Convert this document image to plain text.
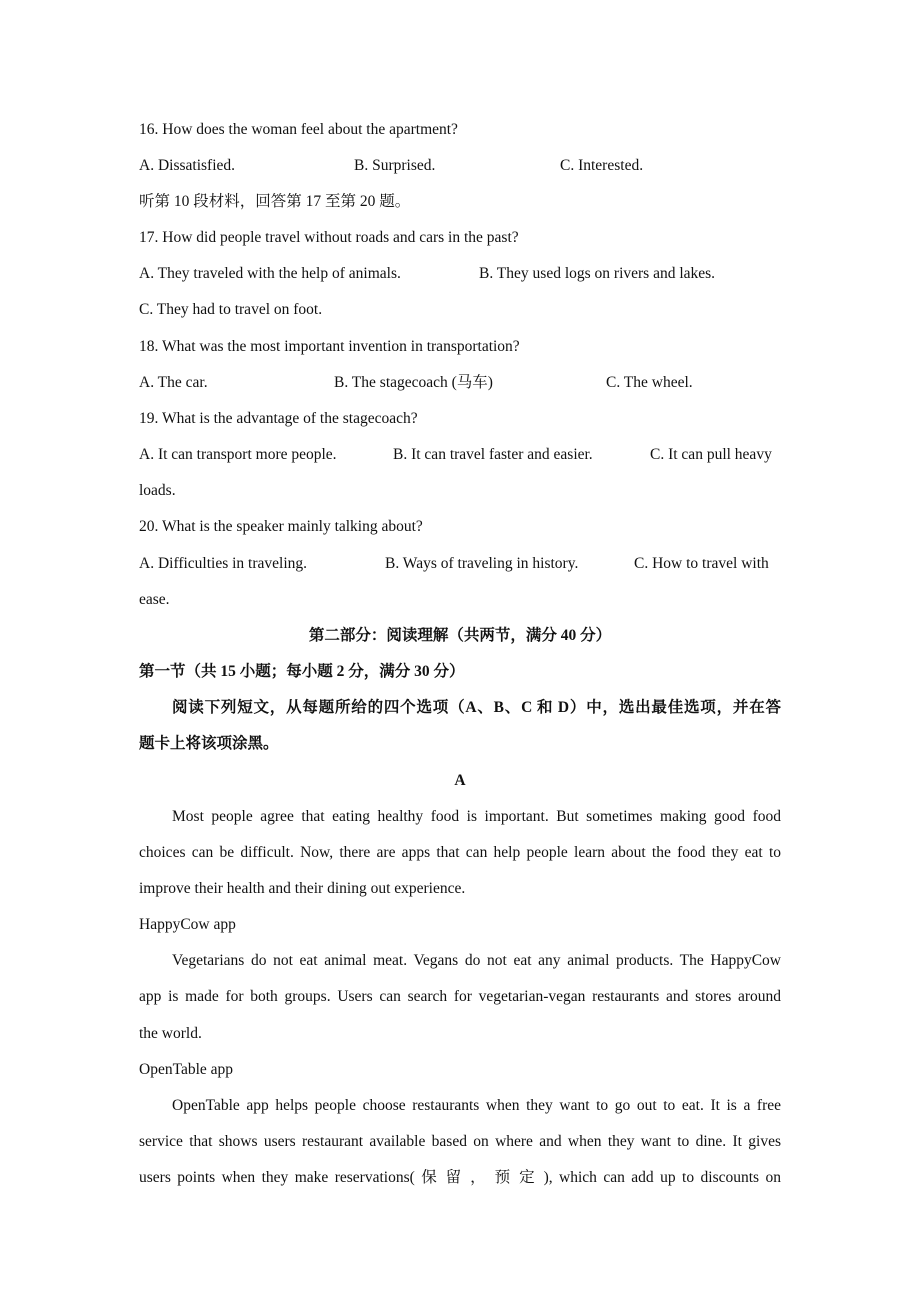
16. How does the woman feel about the apartment?
A. Dissatisfied.	B. Surprised.	C. Interested.
听第 10 段材料，回答第 17 至第 20 题。
17. How did people travel without roads and cars in the past?
A. They traveled with the help of animals.	B. They used logs on rivers and lakes.
C. They had to travel on foot.
18. What was the most important invention in transportation?
A. The car.	B. The stagecoach (马车)	C. The wheel.
19. What is the advantage of the stagecoach?
A. It can transport more people.	B. It can travel faster and easier.	C. It can pull heavy
loads.
20. What is the speaker mainly talking about?
A. Difficulties in traveling.	B. Ways of traveling in history.	C. How to travel with
ease.
第二部分：阅读理解（共两节，满分 40 分）
第一节（共 15 小题；每小题 2 分，满分 30 分）
阅读下列短文，从每题所给的四个选项（A、B、C 和 D）中，选出最佳选项，并在答
题卡上将该项涂黑。
A
Most people agree that eating healthy food is important. But sometimes making good food
choices can be difficult. Now, there are apps that can help people learn about the food they eat to
improve their health and their dining out experience.
HappyCow app
Vegetarians do not eat animal meat. Vegans do not eat any animal products. The HappyCow
app is made for both groups. Users can search for vegetarian-vegan restaurants and stores around
the world.
OpenTable app
OpenTable app helps people choose restaurants when they want to go out to eat. It is a free
service that shows users restaurant available based on where and when they want to dine. It gives
users points when they make reservations( 保 留 ， 预 定 ), which can add up to discounts on
